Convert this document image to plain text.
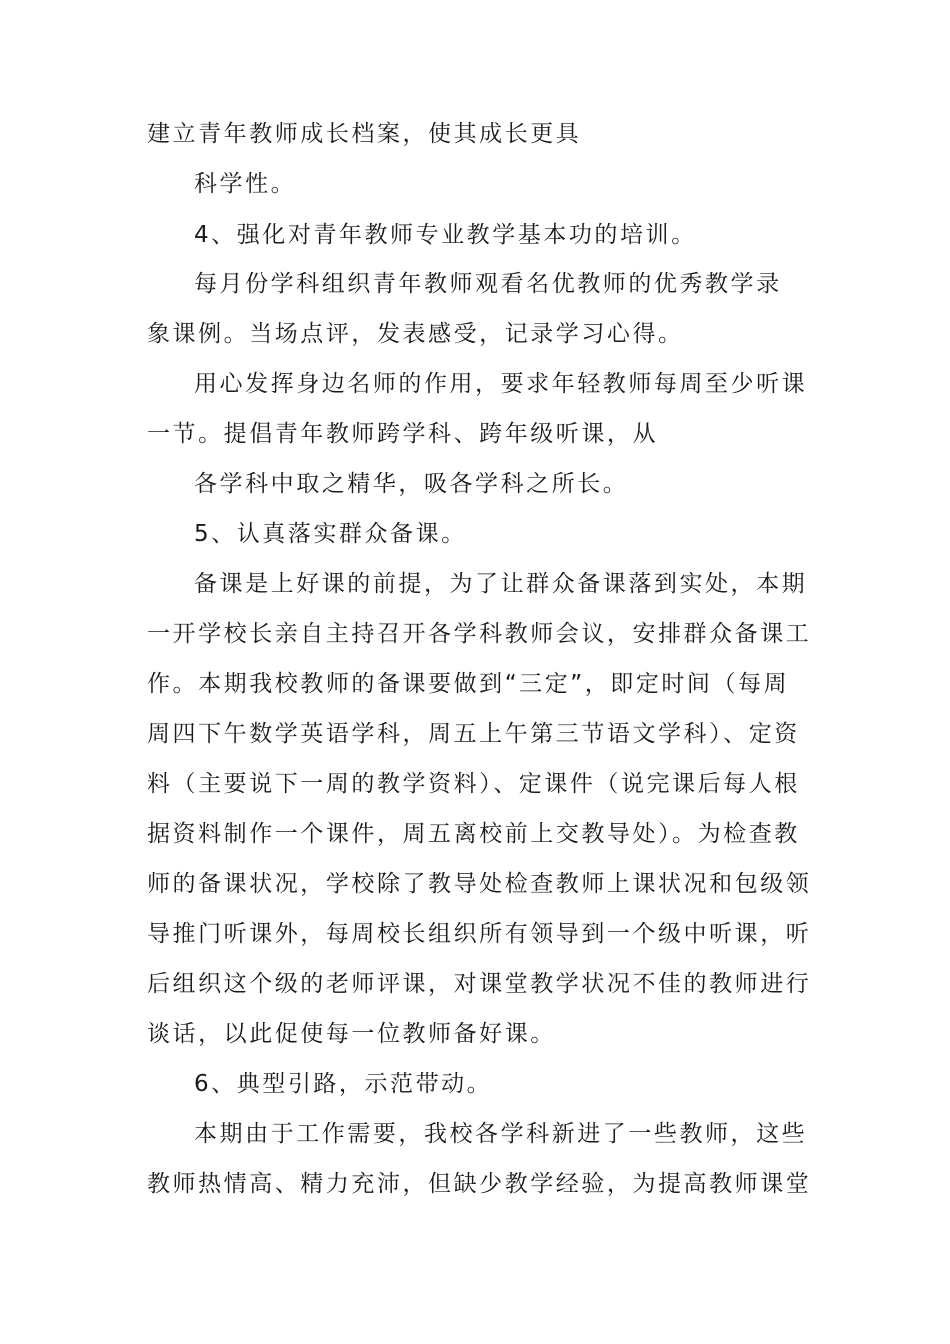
建立青年教师成长档案，使其成长更具
科学性。
4、强化对青年教师专业教学基本功的培训。
每月份学科组织青年教师观看名优教师的优秀教学录
象课例。当场点评，发表感受，记录学习心得。
用心发挥身边名师的作用，要求年轻教师每周至少听课
一节。提倡青年教师跨学科、跨年级听课，从
各学科中取之精华，吸各学科之所长。
5、认真落实群众备课。
备课是上好课的前提，为了让群众备课落到实处，本期
一开学校长亲自主持召开各学科教师会议，安排群众备课工
作。本期我校教师的备课要做到“三定”，即定时间（每周
周四下午数学英语学科，周五上午第三节语文学科）、定资
料（主要说下一周的教学资料）、定课件（说完课后每人根
据资料制作一个课件，周五离校前上交教导处）。为检查教
师的备课状况，学校除了教导处检查教师上课状况和包级领
导推门听课外，每周校长组织所有领导到一个级中听课，听
后组织这个级的老师评课，对课堂教学状况不佳的教师进行
谈话，以此促使每一位教师备好课。
6、典型引路，示范带动。
本期由于工作需要，我校各学科新进了一些教师，这些
教师热情高、精力充沛，但缺少教学经验，为提高教师课堂
